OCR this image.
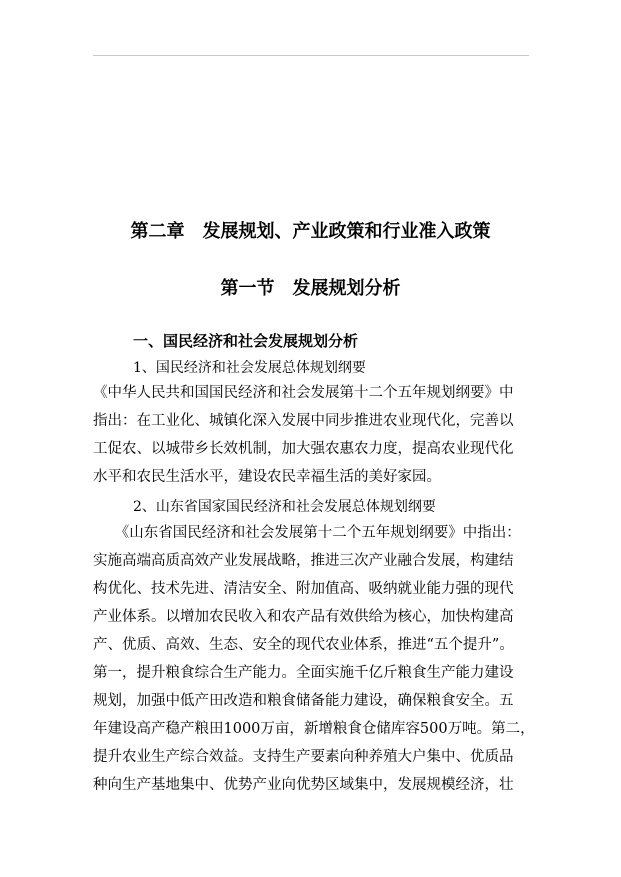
第二章　发展规划、产业政策和行业准入政策
第一节　发展规划分析
一、国民经济和社会发展规划分析
1、国民经济和社会发展总体规划纲要
《中华人民共和国国民经济和社会发展第十二个五年规划纲要》中
指出：在工业化、城镇化深入发展中同步推进农业现代化，完善以
工促农、以城带乡长效机制，加大强农惠农力度，提高农业现代化
水平和农民生活水平，建设农民幸福生活的美好家园。
2、山东省国家国民经济和社会发展总体规划纲要
　　《山东省国民经济和社会发展第十二个五年规划纲要》中指出：
实施高端高质高效产业发展战略，推进三次产业融合发展，构建结
构优化、技术先进、清洁安全、附加值高、吸纳就业能力强的现代
产业体系。以增加农民收入和农产品有效供给为核心，加快构建高
产、优质、高效、生态、安全的现代农业体系，推进“五个提升”。
第一，提升粮食综合生产能力。全面实施千亿斤粮食生产能力建设
规划，加强中低产田改造和粮食储备能力建设，确保粮食安全。五
年建设高产稳产粮田1000万亩，新增粮食仓储库容500万吨。第二，
提升农业生产综合效益。支持生产要素向种养殖大户集中、优质品
种向生产基地集中、优势产业向优势区域集中，发展规模经济，壮
